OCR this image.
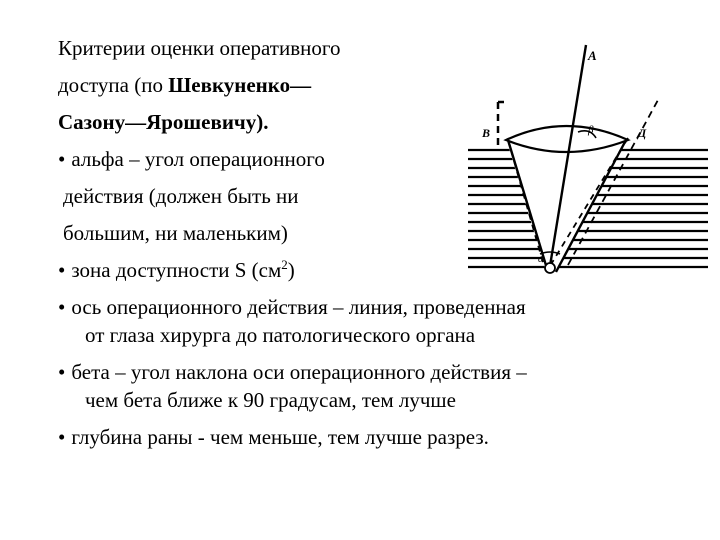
Критерии оценки оперативного
доступа (по Шевкуненко—
Сазону—Ярошевичу).
• альфа – угол операционного
действия (должен быть ни
большим, ни маленьким)
• зона доступности S $(см^2)$
• ось операционного действия – линия, проведенная
от глаза хирурга до патологического органа
• бета – угол наклона оси операционного действия –
чем бета ближе к 90 градусам, тем лучше
• глубина раны - чем меньше, тем лучше разрез.
А
В	β	Д
α
